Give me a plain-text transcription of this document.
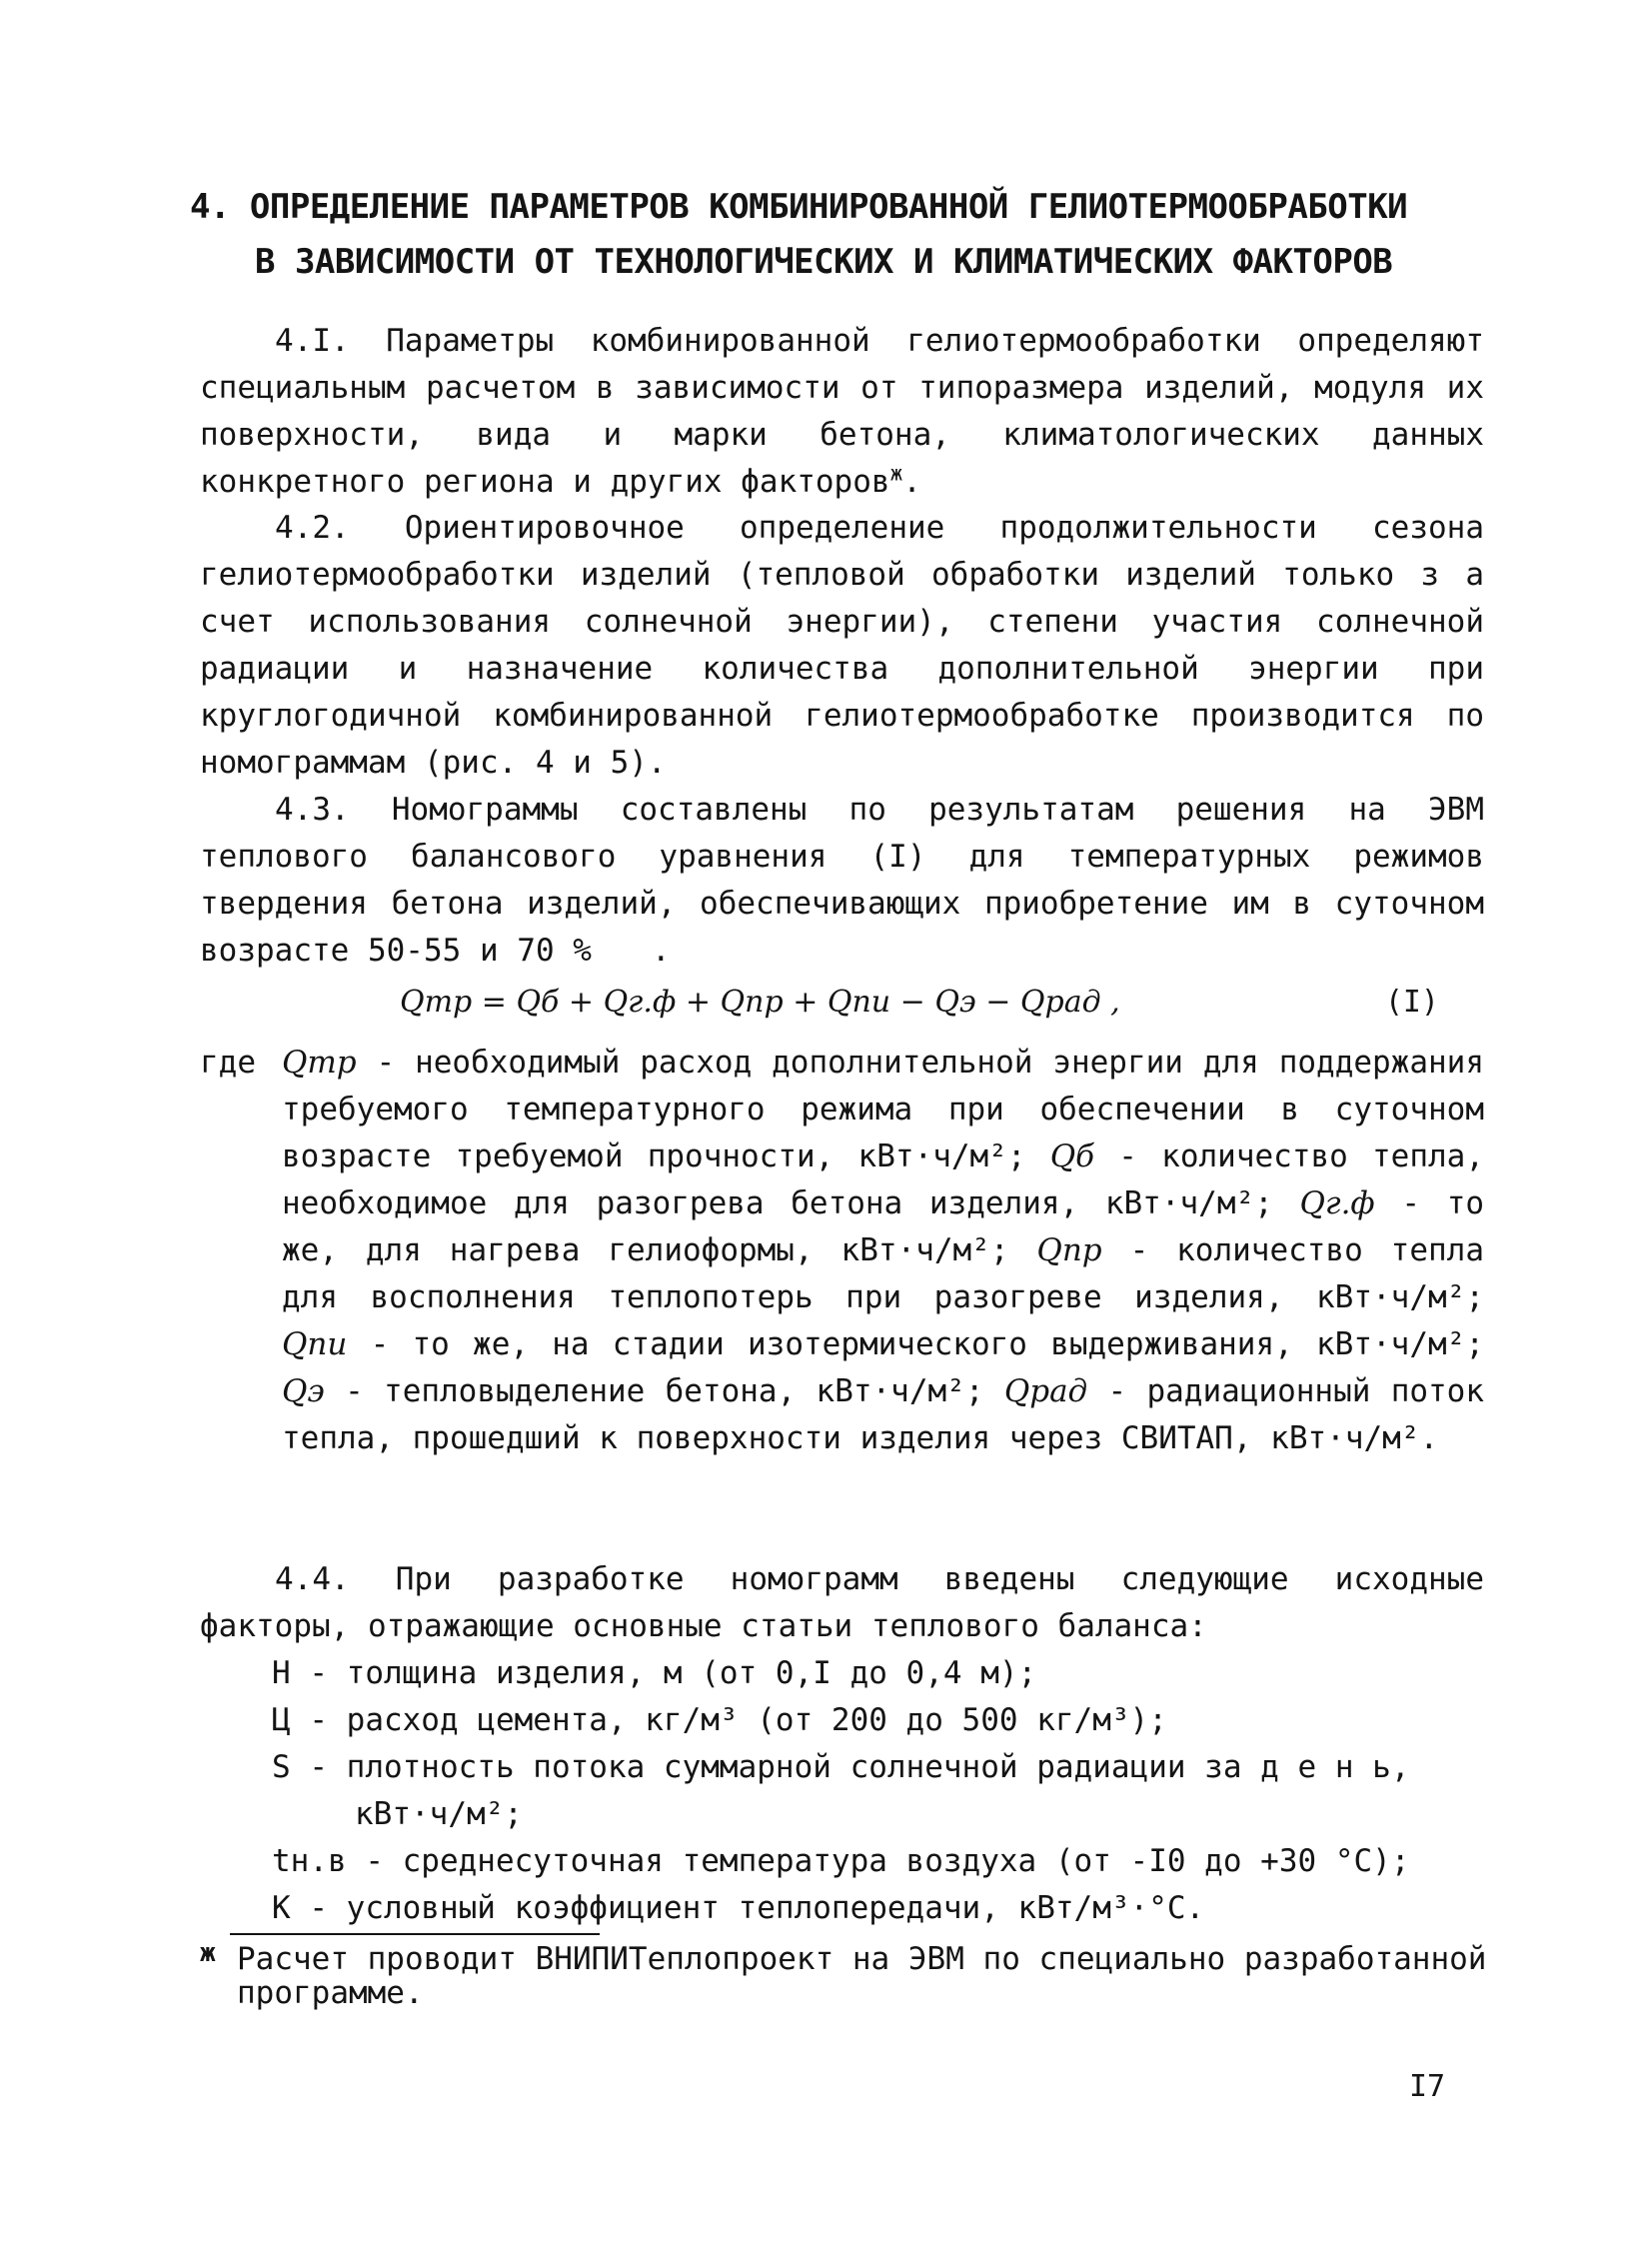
4. ОПРЕДЕЛЕНИЕ ПАРАМЕТРОВ КОМБИНИРОВАННОЙ ГЕЛИОТЕРМООБРАБОТКИ
В ЗАВИСИМОСТИ ОТ ТЕХНОЛОГИЧЕСКИХ И КЛИМАТИЧЕСКИХ ФАКТОРОВ
4.I. Параметры комбинированной гелиотермообработки определяют специальным расчетом в зависимости от типоразмера изделий, модуля их поверхности, вида и марки бетона, климатологических данных конкретного региона и других факторов$^ж$.
4.2. Ориентировочное определение продолжительности сезона гелиотермообработки изделий (тепловой обработки изделий только з а счет использования солнечной энергии), степени участия солнечной радиации и назначение количества дополнительной энергии при круглогодичной комбинированной гелиотермообработке производится по номограммам (рис. 4 и 5).
4.3. Номограммы составлены по результатам решения на ЭВМ теплового балансового уравнения (I) для температурных режимов твердения бетона изделий, обеспечивающих приобретение им в суточном возрасте 50-55 и 70 % .
Qтр = Qб + Qг.ф + Qпр + Qпи − Qэ − Qрад ,	(I)
где Qтр - необходимый расход дополнительной энергии для поддержания требуемого температурного режима при обеспечении в суточном возрасте требуемой прочности, кВт·ч/м²; Qб - количество тепла, необходимое для разогрева бетона изделия, кВт·ч/м²; Qг.ф - то же, для нагрева гелиоформы, кВт·ч/м²; Qпр - количество тепла для восполнения теплопотерь при разогреве изделия, кВт·ч/м²; Qпи - то же, на стадии изотермического выдерживания, кВт·ч/м²; Qэ - тепловыделение бетона, кВт·ч/м²; Qрад - радиационный поток тепла, прошедший к поверхности изделия через СВИТАП, кВт·ч/м².
4.4. При разработке номограмм введены следующие исходные факторы, отражающие основные статьи теплового баланса:
Н - толщина изделия, м (от 0,I до 0,4 м);
Ц - расход цемента, кг/м³ (от 200 до 500 кг/м³);
S - плотность потока суммарной солнечной радиации за д е н ь,
кВт·ч/м²;
tн.в - среднесуточная температура воздуха (от -I0 до +30 °С);
К - условный коэффициент теплопередачи, кВт/м³·°С.
ж Расчет проводит ВНИПИТеплопроект на ЭВМ по специально разработанной программе.
I7
